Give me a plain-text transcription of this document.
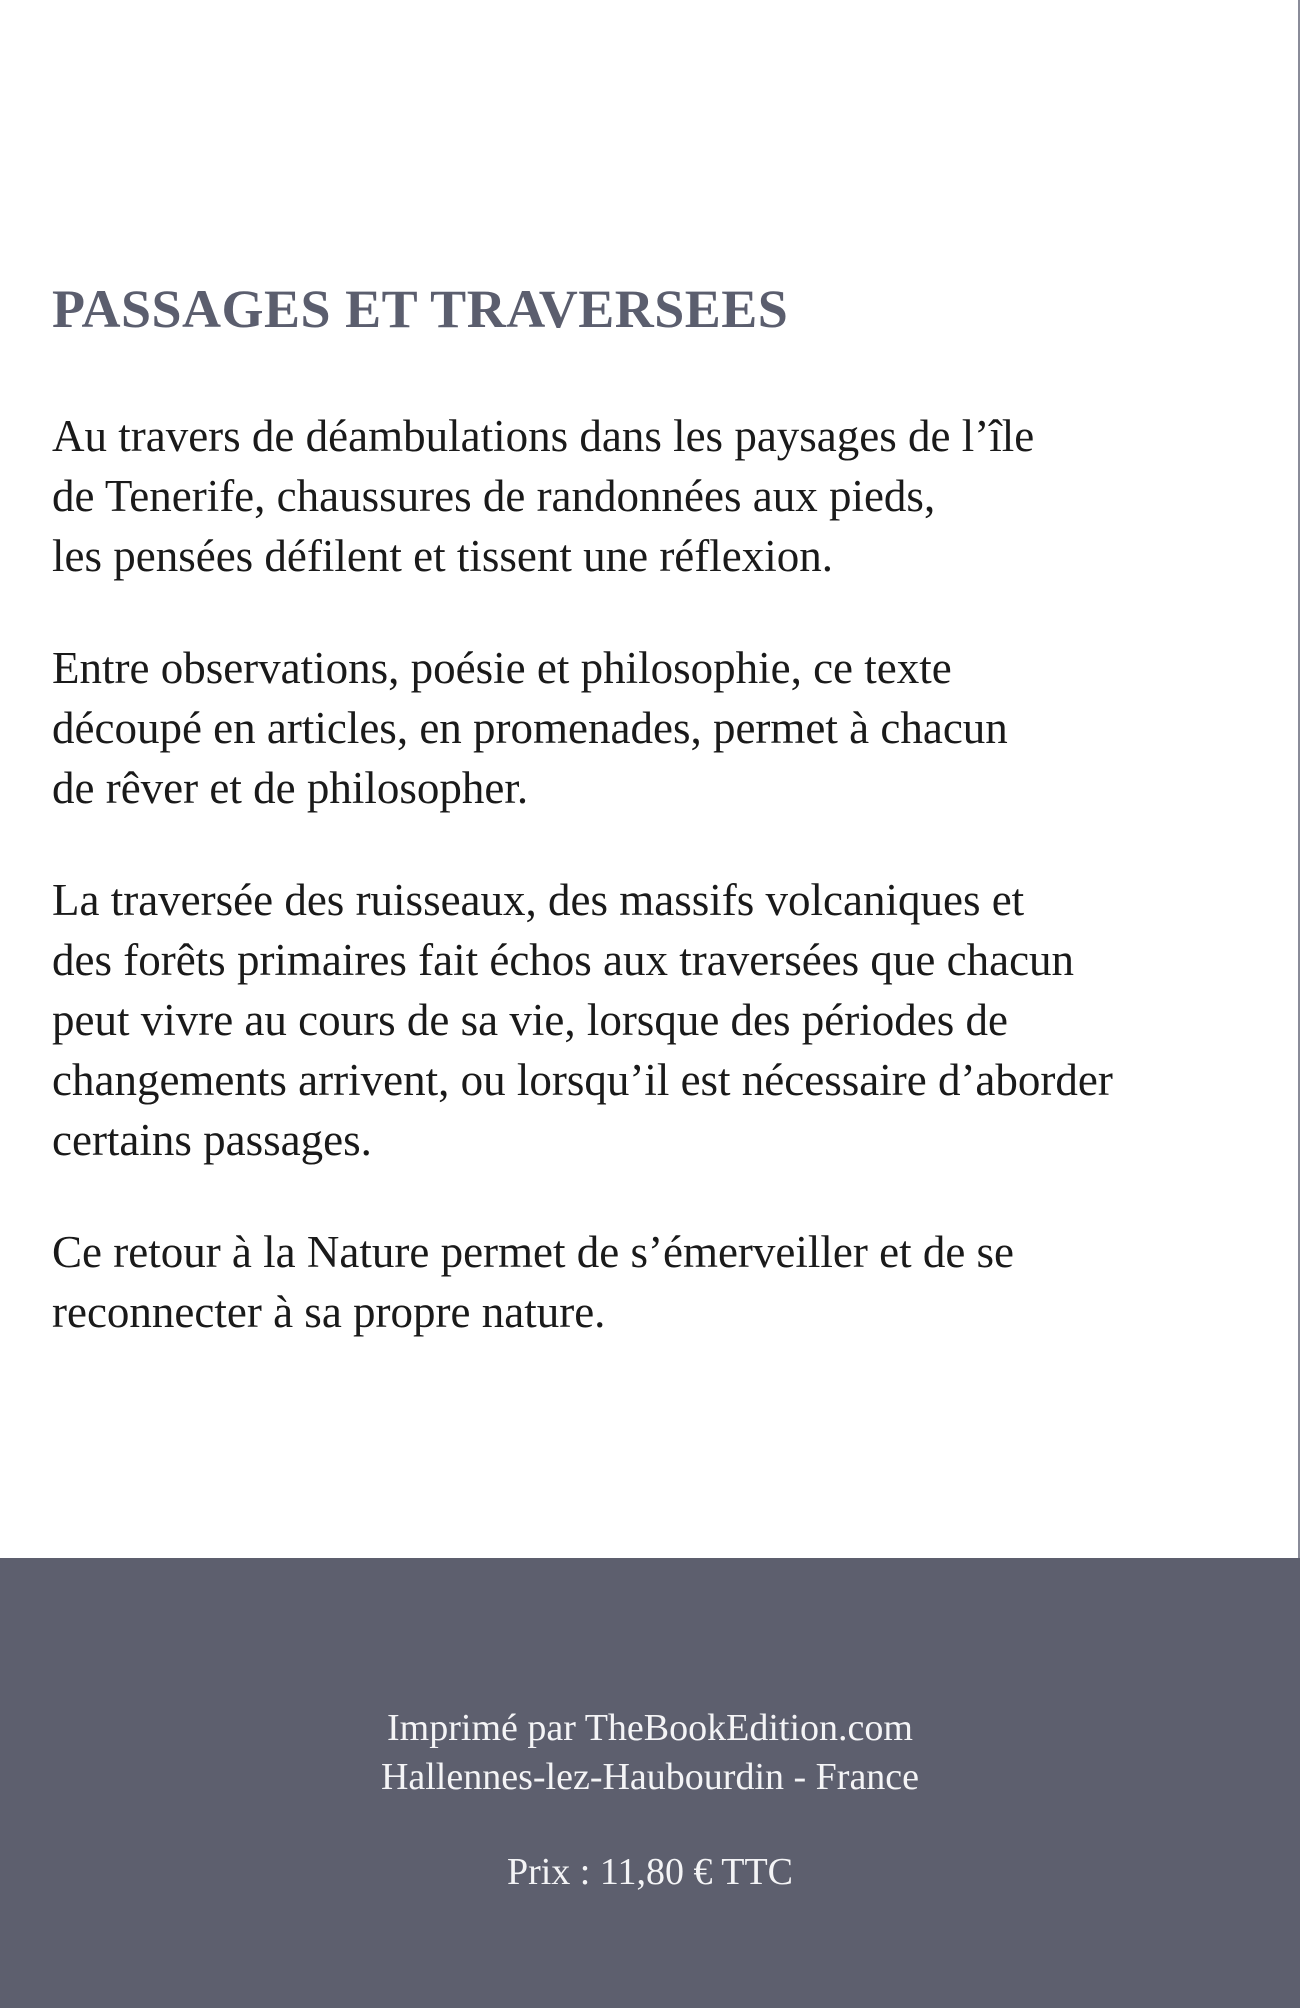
PASSAGES ET TRAVERSEES

Au travers de déambulations dans les paysages de l’île
de Tenerife, chaussures de randonnées aux pieds,
les pensées défilent et tissent une réflexion.

Entre observations, poésie et philosophie, ce texte
découpé en articles, en promenades, permet à chacun
de rêver et de philosopher.

La traversée des ruisseaux, des massifs volcaniques et
des forêts primaires fait échos aux traversées que chacun
peut vivre au cours de sa vie, lorsque des périodes de
changements arrivent, ou lorsqu’il est nécessaire d’aborder
certains passages.

Ce retour à la Nature permet de s’émerveiller et de se
reconnecter à sa propre nature.

Imprimé par TheBookEdition.com
Hallennes-lez-Haubourdin - France
Prix : 11,80 € TTC
